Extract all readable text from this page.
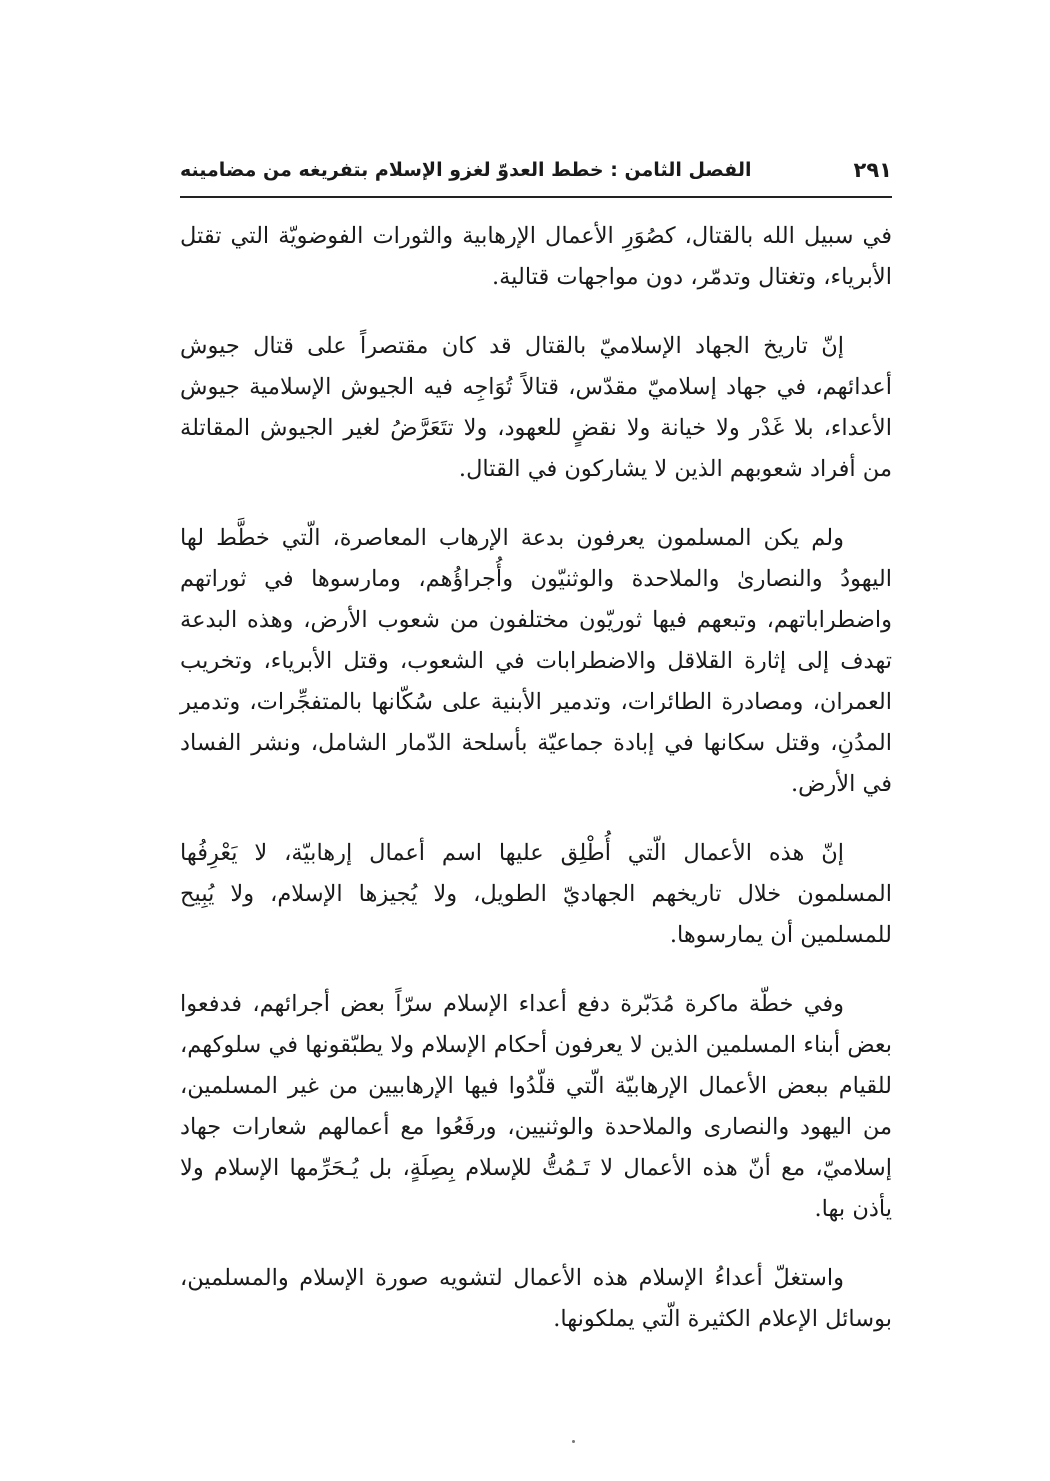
الفصل الثامن : خطط العدوّ لغزو الإسلام بتفريغه من مضامينه	٢٩١

في سبيل الله بالقتال، كصُوَرِ الأعمال الإرهابية والثورات الفوضويّة التي تقتل الأبرياء، وتغتال وتدمّر، دون مواجهات قتالية.

إنّ تاريخ الجهاد الإسلاميّ بالقتال قد كان مقتصراً على قتال جيوش أعدائهم، في جهاد إسلاميّ مقدّس، قتالاً تُوَاجِه فيه الجيوش الإسلامية جيوش الأعداء، بلا غَدْر ولا خيانة ولا نقضٍ للعهود، ولا تتَعَرَّضُ لغير الجيوش المقاتلة من أفراد شعوبهم الذين لا يشاركون في القتال.

ولم يكن المسلمون يعرفون بدعة الإرهاب المعاصرة، الّتي خطَّط لها اليهودُ والنصارىٰ والملاحدة والوثنيّون وأُجراؤُهم، ومارسوها في ثوراتهم واضطراباتهم، وتبعهم فيها ثوريّون مختلفون من شعوب الأرض، وهذه البدعة تهدف إلى إثارة القلاقل والاضطرابات في الشعوب، وقتل الأبرياء، وتخريب العمران، ومصادرة الطائرات، وتدمير الأبنية على سُكّانها بالمتفجِّرات، وتدمير المدُنِ، وقتل سكانها في إبادة جماعيّة بأسلحة الدّمار الشامل، ونشر الفساد في الأرض.

إنّ هذه الأعمال الّتي أُطْلِق عليها اسم أعمال إرهابيّة، لا يَعْرِفُها المسلمون خلال تاريخهم الجهاديّ الطويل، ولا يُجيزها الإسلام، ولا يُبِيح للمسلمين أن يمارسوها.

وفي خطّة ماكرة مُدَبّرة دفع أعداء الإسلام سرّاً بعض أجرائهم، فدفعوا بعض أبناء المسلمين الذين لا يعرفون أحكام الإسلام ولا يطبّقونها في سلوكهم، للقيام ببعض الأعمال الإرهابيّة الّتي قلّدُوا فيها الإرهابيين من غير المسلمين، من اليهود والنصارى والملاحدة والوثنيين، ورفَعُوا مع أعمالهم شعارات جهاد إسلاميّ، مع أنّ هذه الأعمال لا تَـمُتُّ للإسلام بِصِلَةٍ، بل يُـحَرِّمها الإسلام ولا يأذن بها.

واستغلّ أعداءُ الإسلام هذه الأعمال لتشويه صورة الإسلام والمسلمين، بوسائل الإعلام الكثيرة الّتي يملكونها.
